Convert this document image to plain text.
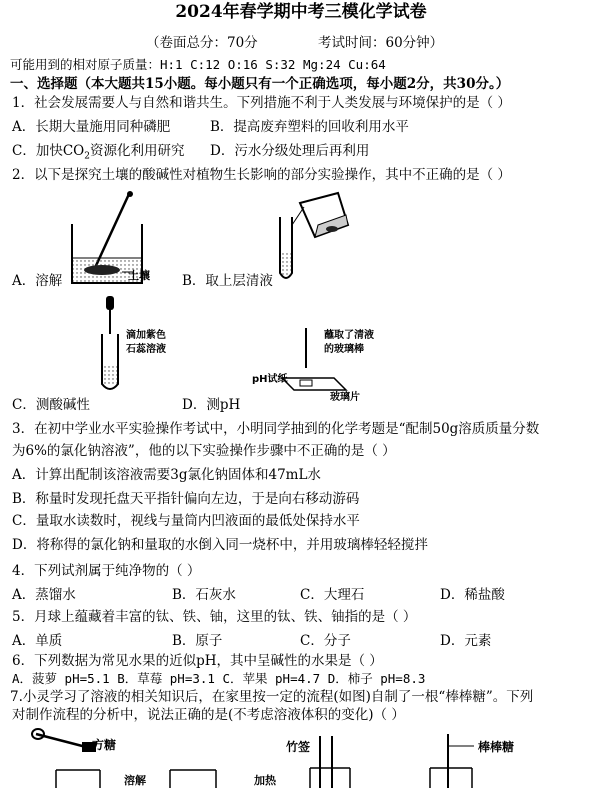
2024年春学期中考三模化学试卷
（卷面总分：70分	考试时间：60分钟）
可能用到的相对原子质量：H:1 C:12 O:16 S:32 Mg:24 Cu:64
一、选择题（本大题共15小题。每小题只有一个正确选项，每小题2分，共30分。）
1．社会发展需要人与自然和谐共生。下列措施不利于人类发展与环境保护的是（ ）
A．长期大量施用同种磷肥	B．提高废弃塑料的回收利用水平
C．加快$CO_2$资源化利用研究 D．污水分级处理后再利用
2．以下是探究土壤的酸碱性对植物生长影响的部分实验操作，其中不正确的是（ ）
土壤
A．溶解	B．取上层清液
滴加紫色
石蕊溶液
C．测酸碱性
蘸取了清液
的玻璃棒
pH试纸
玻璃片
D．测pH
3．在初中学业水平实验操作考试中，小明同学抽到的化学考题是“配制50g溶质质量分数
为6%的氯化钠溶液”，他的以下实验操作步骤中不正确的是（ ）
A．计算出配制该溶液需要3g氯化钠固体和47mL水
B．称量时发现托盘天平指针偏向左边，于是向右移动游码
C．量取水读数时，视线与量筒内凹液面的最低处保持水平
D．将称得的氯化钠和量取的水倒入同一烧杯中，并用玻璃棒轻轻搅拌
4．下列试剂属于纯净物的（ ）
A．蒸馏水	B．石灰水	C．大理石	D．稀盐酸
5．月球上蕴藏着丰富的钛、铁、铀，这里的钛、铁、铀指的是（ ）
A．单质	B．原子	C．分子	D．元素
6．下列数据为常见水果的近似pH，其中呈碱性的水果是（ ）
A．菠萝 pH=5.1 B．草莓 pH=3.1 C．苹果 pH=4.7 D．柿子 pH=8.3
7.小灵学习了溶液的相关知识后，在家里按一定的流程(如图)自制了一根“棒棒糖”。下列
对制作流程的分析中，说法正确的是(不考虑溶液体积的变化)（ ）
方糖
溶解	加热
竹签	棒棒糖
